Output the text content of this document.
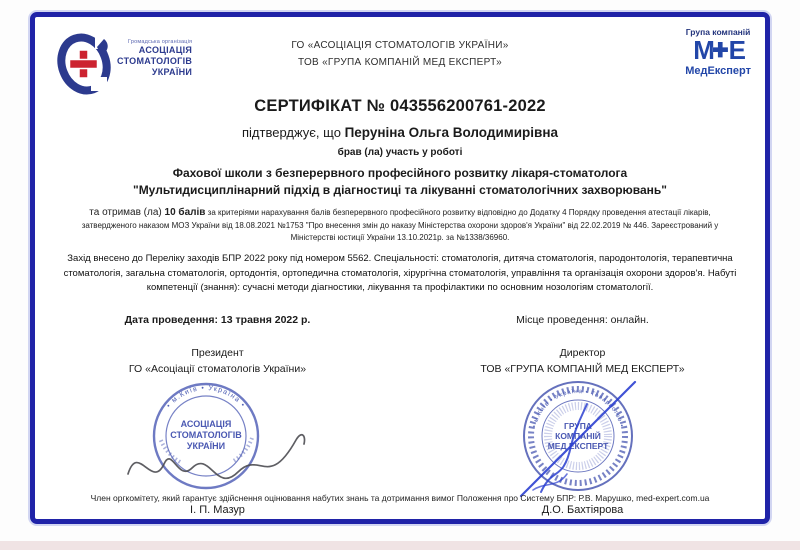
Громадська організація
АСОЦІАЦІЯ
СТОМАТОЛОГІВ
УКРАЇНИ
Група компаній
М✚Е
МедЕксперт
ГО «АСОЦІАЦІЯ СТОМАТОЛОГІВ УКРАЇНИ»
ТОВ «ГРУПА КОМПАНІЙ МЕД ЕКСПЕРТ»
СЕРТИФІКАТ № 043556200761-2022
підтверджує, що Перуніна Ольга Володимирівна
брав (ла) участь у роботі
Фахової школи з безперервного професійного розвитку лікаря-стоматолога
"Мультидисциплінарний підхід в діагностиці та лікуванні стоматологічних захворювань"
та отримав (ла) 10 балів за критеріями нарахування балів безперервного професійного розвитку відповідно до Додатку 4 Порядку проведення атестації лікарів, затвердженого наказом МОЗ України від 18.08.2021 №1753 "Про внесення змін до наказу Міністерства охорони здоров'я України" від 22.02.2019 № 446. Зареєстрований у Міністерстві юстиції України 13.10.2021р. за №1338/36960.
Захід внесено до Переліку заходів БПР 2022 року під номером 5562. Спеціальності: стоматологія, дитяча стоматологія, пародонтологія, терапевтична стоматологія, загальна стоматологія, ортодонтія, ортопедична стоматологія, хірургічна стоматологія, управління та організація охорони здоров'я. Набуті компетенції (знання): сучасні методи діагностики, лікування та профілактики по основним нозологіям стоматології.
Дата проведення: 13 травня 2022 р.	Місце проведення: онлайн.
Президент
ГО «Асоціації стоматологів України»
• м.Київ • Україна •
АСОЦІАЦІЯ
СТОМАТОЛОГІВ
УКРАЇНИ
І. П. Мазур
Директор
ТОВ «ГРУПА КОМПАНІЙ МЕД ЕКСПЕРТ»
• м.Київ • Україна • Товариство •
ГРУПА
КОМПАНІЙ
МЕД ЕКСПЕРТ
Д.О. Бахтіярова
Член оргкомітету, який гарантує здійснення оцінювання набутих знань та дотримання вимог Положення про Систему БПР: Р.В. Марушко, med-expert.com.ua
